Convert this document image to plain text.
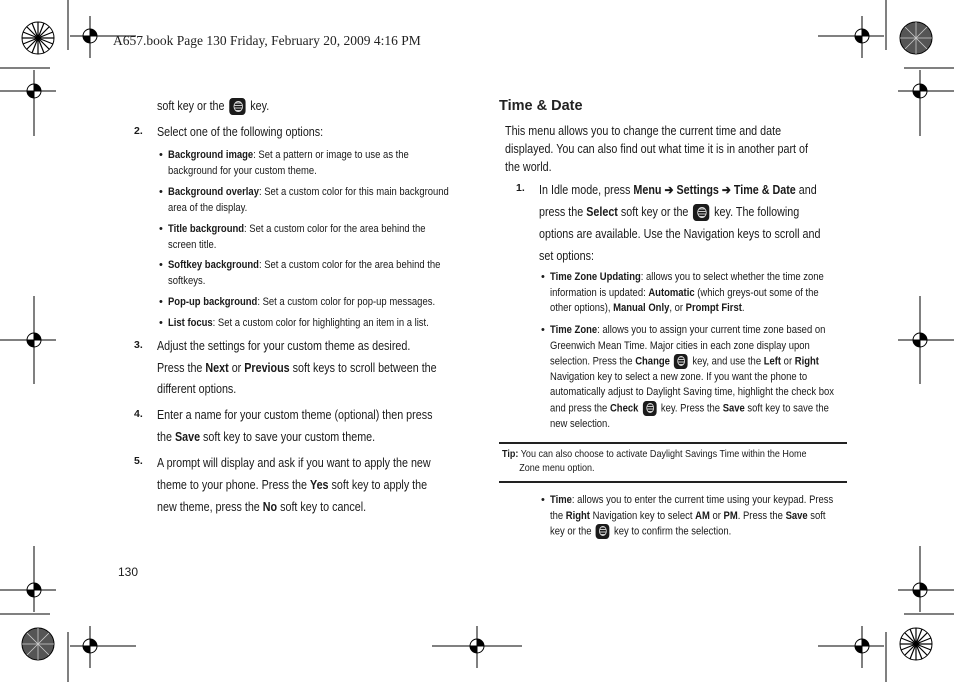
A657.book Page 130 Friday, February 20, 2009 4:16 PM
soft key or the key.
2. Select one of the following options:
• Background image: Set a pattern or image to use as the
background for your custom theme.
• Background overlay: Set a custom color for this main background
area of the display.
• Title background: Set a custom color for the area behind the
screen title.
• Softkey background: Set a custom color for the area behind the
softkeys.
• Pop-up background: Set a custom color for pop-up messages.
• List focus: Set a custom color for highlighting an item in a list.
3. Adjust the settings for your custom theme as desired.
Press the Next or Previous soft keys to scroll between the
different options.
4. Enter a name for your custom theme (optional) then press
the Save soft key to save your custom theme.
5. A prompt will display and ask if you want to apply the new
theme to your phone. Press the Yes soft key to apply the
new theme, press the No soft key to cancel.
130
Time & Date
This menu allows you to change the current time and date
displayed. You can also find out what time it is in another part of
the world.
1. In Idle mode, press Menu ➔ Settings ➔ Time & Date and
press the Select soft key or the key. The following
options are available. Use the Navigation keys to scroll and
set options:
• Time Zone Updating: allows you to select whether the time zone
information is updated: Automatic (which greys-out some of the
other options), Manual Only, or Prompt First.
• Time Zone: allows you to assign your current time zone based on
Greenwich Mean Time. Major cities in each zone display upon
selection. Press the Change key, and use the Left or Right
Navigation key to select a new zone. If you want the phone to
automatically adjust to Daylight Saving time, highlight the check box
and press the Check key. Press the Save soft key to save the
new selection.
Tip: You can also choose to activate Daylight Savings Time within the Home
Zone menu option.
• Time: allows you to enter the current time using your keypad. Press
the Right Navigation key to select AM or PM. Press the Save soft
key or the key to confirm the selection.
